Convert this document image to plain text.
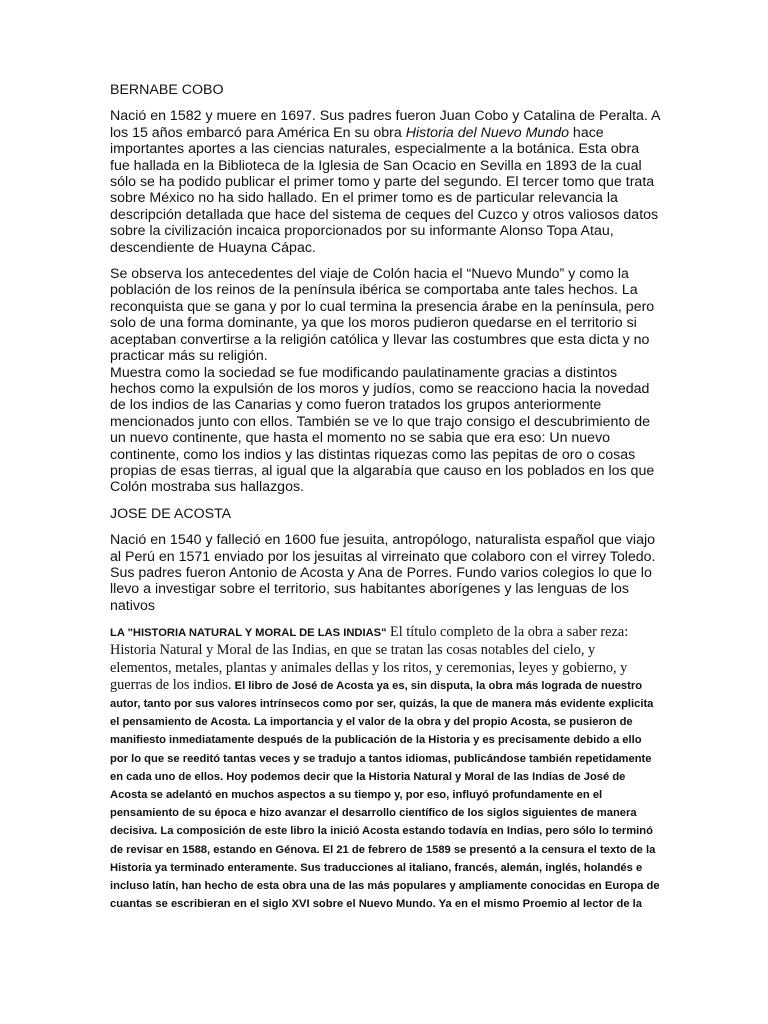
BERNABE COBO

Nació en 1582 y muere en 1697. Sus padres fueron Juan Cobo y Catalina de Peralta. A los 15 años embarcó para América En su obra Historia del Nuevo Mundo hace importantes aportes a las ciencias naturales, especialmente a la botánica. Esta obra fue hallada en la Biblioteca de la Iglesia de San Ocacio en Sevilla en 1893 de la cual sólo se ha podido publicar el primer tomo y parte del segundo. El tercer tomo que trata sobre México no ha sido hallado. En el primer tomo es de particular relevancia la descripción detallada que hace del sistema de ceques del Cuzco y otros valiosos datos sobre la civilización incaica proporcionados por su informante Alonso Topa Atau, descendiente de Huayna Cápac.

Se observa los antecedentes del viaje de Colón hacia el “Nuevo Mundo” y como la población de los reinos de la península ibérica se comportaba ante tales hechos. La reconquista que se gana y por lo cual termina la presencia árabe en la península, pero solo de una forma dominante, ya que los moros pudieron quedarse en el territorio si aceptaban convertirse a la religión católica y llevar las costumbres que esta dicta y no practicar más su religión.

Muestra como la sociedad se fue modificando paulatinamente gracias a distintos hechos como la expulsión de los moros y judíos, como se reacciono hacia la novedad de los indios de las Canarias y como fueron tratados los grupos anteriormente mencionados junto con ellos. También se ve lo que trajo consigo el descubrimiento de un nuevo continente, que hasta el momento no se sabia que era eso: Un nuevo continente, como los indios y las distintas riquezas como las pepitas de oro o cosas propias de esas tierras, al igual que la algarabía que causo en los poblados en los que Colón mostraba sus hallazgos.

JOSE DE ACOSTA

Nació en 1540 y falleció en 1600 fue jesuita, antropólogo, naturalista español que viajo al Perú en 1571 enviado por los jesuitas al virreinato que colaboro con el virrey Toledo. Sus padres fueron Antonio de Acosta y Ana de Porres. Fundo varios colegios lo que lo llevo a investigar sobre el territorio, sus habitantes aborígenes y las lenguas de los nativos

LA "HISTORIA NATURAL Y MORAL DE LAS INDIAS" El título completo de la obra a saber reza: Historia Natural y Moral de las Indias, en que se tratan las cosas notables del cielo, y elementos, metales, plantas y animales dellas y los ritos, y ceremonias, leyes y gobierno, y guerras de los indios. El libro de José de Acosta ya es, sin disputa, la obra más lograda de nuestro autor, tanto por sus valores intrínsecos como por ser, quizás, la que de manera más evidente explicita el pensamiento de Acosta. La importancia y el valor de la obra y del propio Acosta, se pusieron de manifiesto inmediatamente después de la publicación de la Historia y es precisamente debido a ello por lo que se reeditó tantas veces y se tradujo a tantos idiomas, publicándose también repetidamente en cada uno de ellos. Hoy podemos decir que la Historia Natural y Moral de las Indias de José de Acosta se adelantó en muchos aspectos a su tiempo y, por eso, influyó profundamente en el pensamiento de su época e hizo avanzar el desarrollo científico de los siglos siguientes de manera decisiva. La composición de este libro la inició Acosta estando todavía en Indias, pero sólo lo terminó de revisar en 1588, estando en Génova. El 21 de febrero de 1589 se presentó a la censura el texto de la Historia ya terminado enteramente. Sus traducciones al italiano, francés, alemán, inglés, holandés e incluso latín, han hecho de esta obra una de las más populares y ampliamente conocidas en Europa de cuantas se escribieran en el siglo XVI sobre el Nuevo Mundo. Ya en el mismo Proemio al lector de la
